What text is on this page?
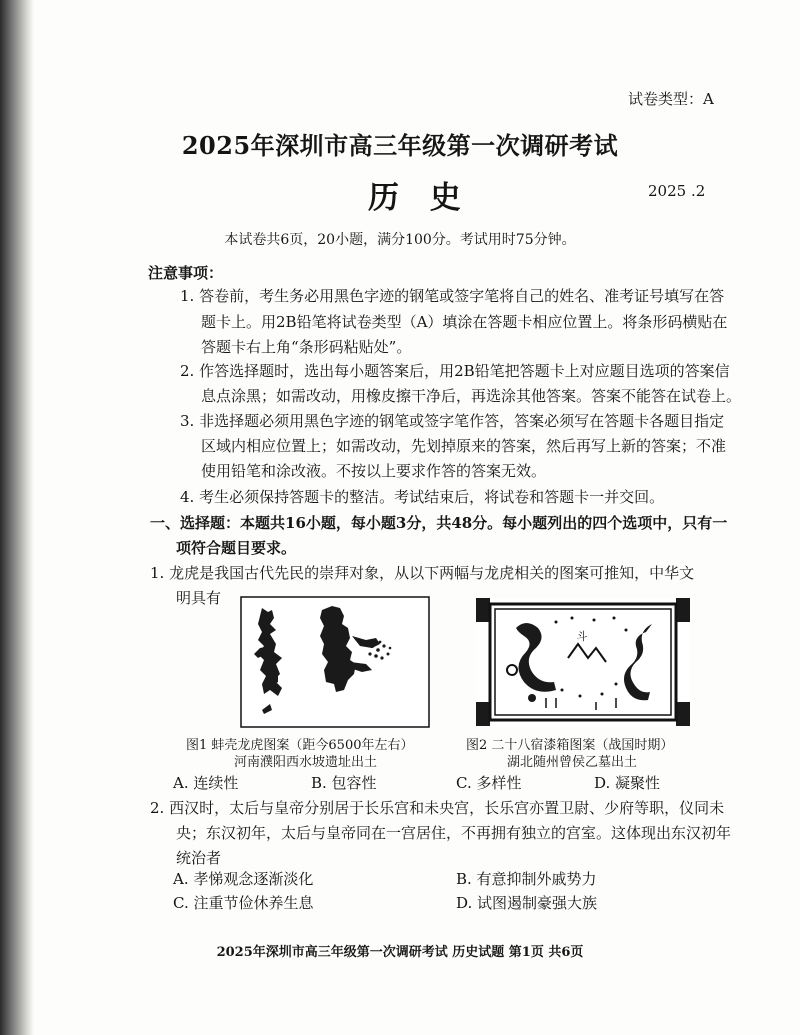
试卷类型：A
2025年深圳市高三年级第一次调研考试
历 史	2025 .2
本试卷共6页，20小题，满分100分。考试用时75分钟。
注意事项：
1. 答卷前，考生务必用黑色字迹的钢笔或签字笔将自己的姓名、准考证号填写在答
题卡上。用2B铅笔将试卷类型（A）填涂在答题卡相应位置上。将条形码横贴在
答题卡右上角“条形码粘贴处”。
2. 作答选择题时，选出每小题答案后，用2B铅笔把答题卡上对应题目选项的答案信
息点涂黑；如需改动，用橡皮擦干净后，再选涂其他答案。答案不能答在试卷上。
3. 非选择题必须用黑色字迹的钢笔或签字笔作答，答案必须写在答题卡各题目指定
区域内相应位置上；如需改动，先划掉原来的答案，然后再写上新的答案；不准
使用铅笔和涂改液。不按以上要求作答的答案无效。
4. 考生必须保持答题卡的整洁。考试结束后，将试卷和答题卡一并交回。
一、选择题：本题共16小题，每小题3分，共48分。每小题列出的四个选项中，只有一
项符合题目要求。
1. 龙虎是我国古代先民的崇拜对象，从以下两幅与龙虎相关的图案可推知，中华文
明具有
斗
图1 蚌壳龙虎图案（距今6500年左右）
河南濮阳西水坡遗址出土
图2 二十八宿漆箱图案（战国时期）
湖北随州曾侯乙墓出土
A. 连续性	B. 包容性	C. 多样性	D. 凝聚性
2. 西汉时，太后与皇帝分别居于长乐宫和未央宫，长乐宫亦置卫尉、少府等职，仪同未
央；东汉初年，太后与皇帝同在一宫居住，不再拥有独立的宫室。这体现出东汉初年
统治者
A. 孝悌观念逐渐淡化	B. 有意抑制外戚势力
C. 注重节俭休养生息	D. 试图遏制豪强大族
2025年深圳市高三年级第一次调研考试 历史试题 第1页 共6页
